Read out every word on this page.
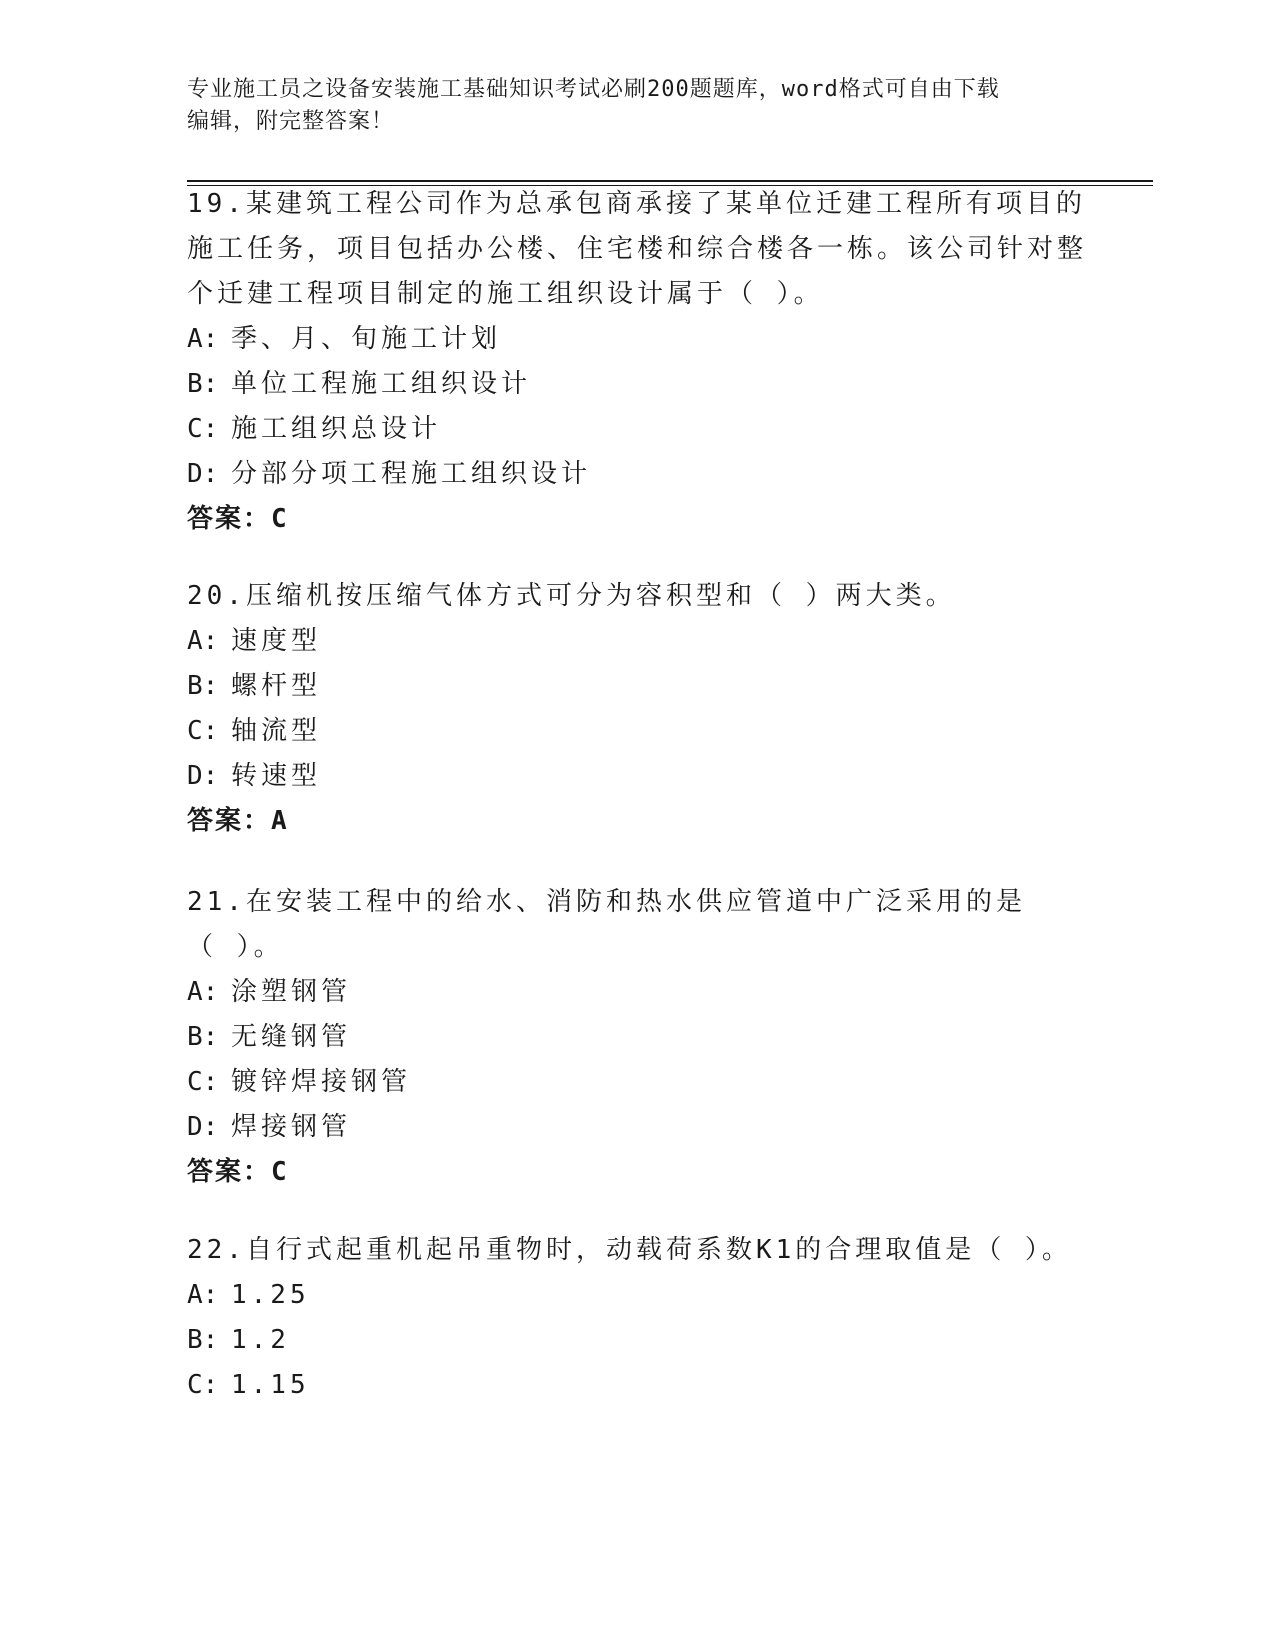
专业施工员之设备安装施工基础知识考试必刷200题题库，word格式可自由下载
编辑，附完整答案！

19.某建筑工程公司作为总承包商承接了某单位迁建工程所有项目的施工任务，项目包括办公楼、住宅楼和综合楼各一栋。该公司针对整个迁建工程项目制定的施工组织设计属于（ ）。

A: 季、月、旬施工计划

B: 单位工程施工组织设计

C: 施工组织总设计

D: 分部分项工程施工组织设计

答案：C

20.压缩机按压缩气体方式可分为容积型和（ ）两大类。

A: 速度型

B: 螺杆型

C: 轴流型

D: 转速型

答案：A

21.在安装工程中的给水、消防和热水供应管道中广泛采用的是（ ）。

A: 涂塑钢管

B: 无缝钢管

C: 镀锌焊接钢管

D: 焊接钢管

答案：C

22.自行式起重机起吊重物时，动载荷系数K1的合理取值是（ ）。

A: 1.25

B: 1.2

C: 1.15
